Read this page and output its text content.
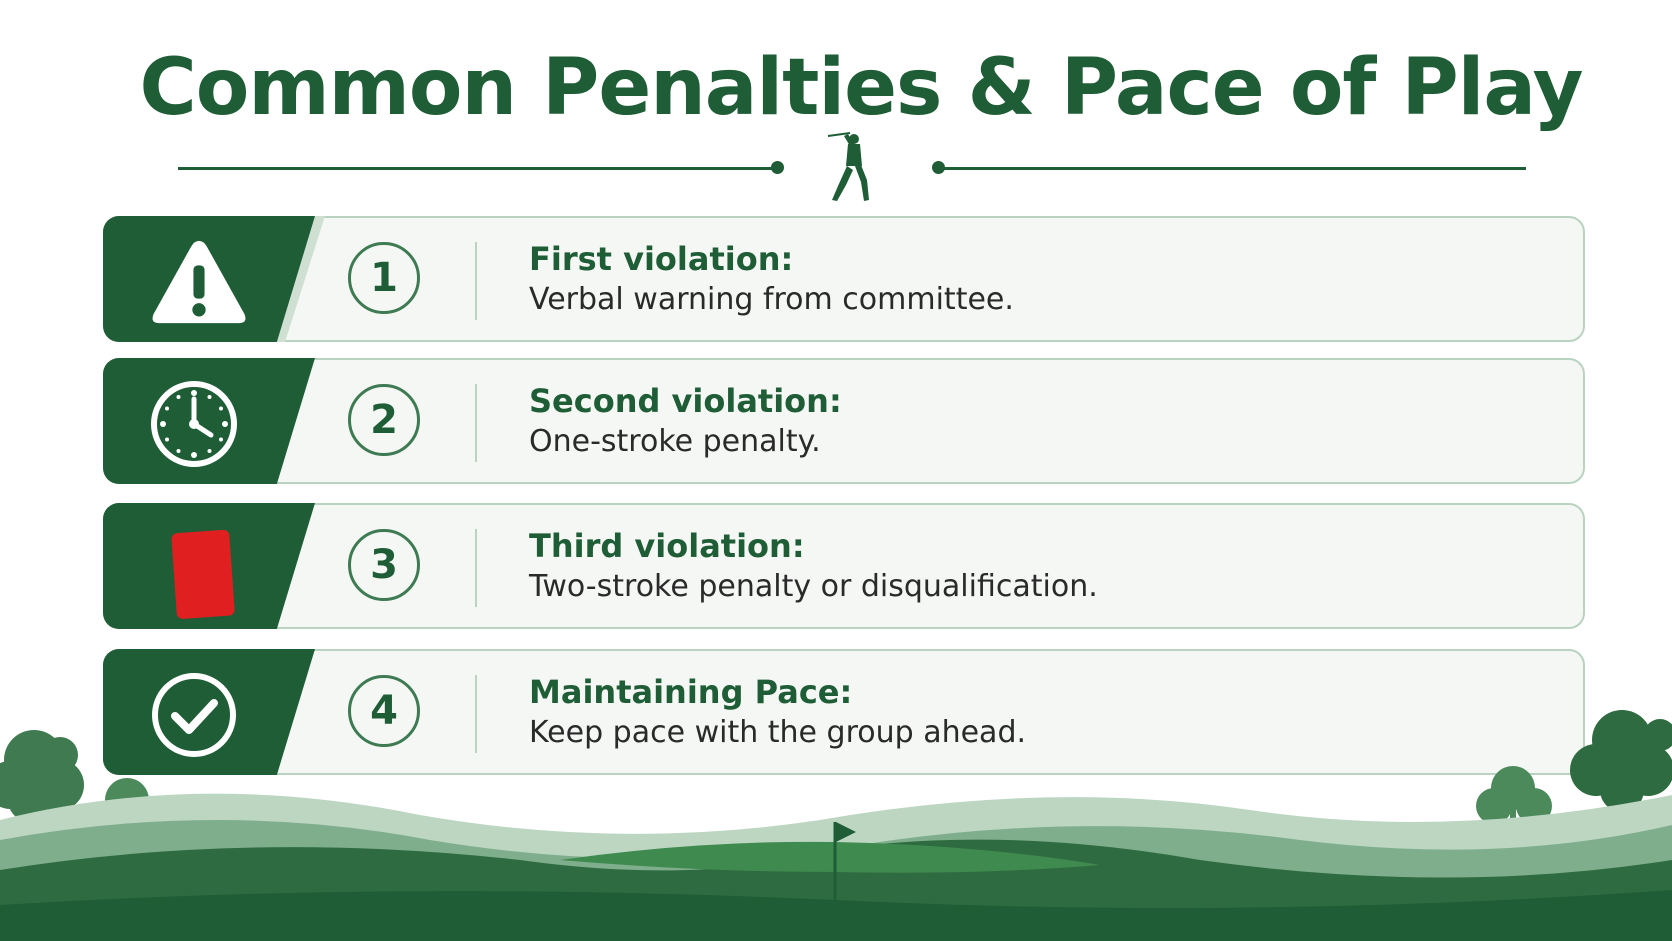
Common Penalties & Pace of Play
1	First violation:
Verbal warning from committee.
2	Second violation:
One-stroke penalty.
3	Third violation:
Two-stroke penalty or disqualification.
4	Maintaining Pace:
Keep pace with the group ahead.
